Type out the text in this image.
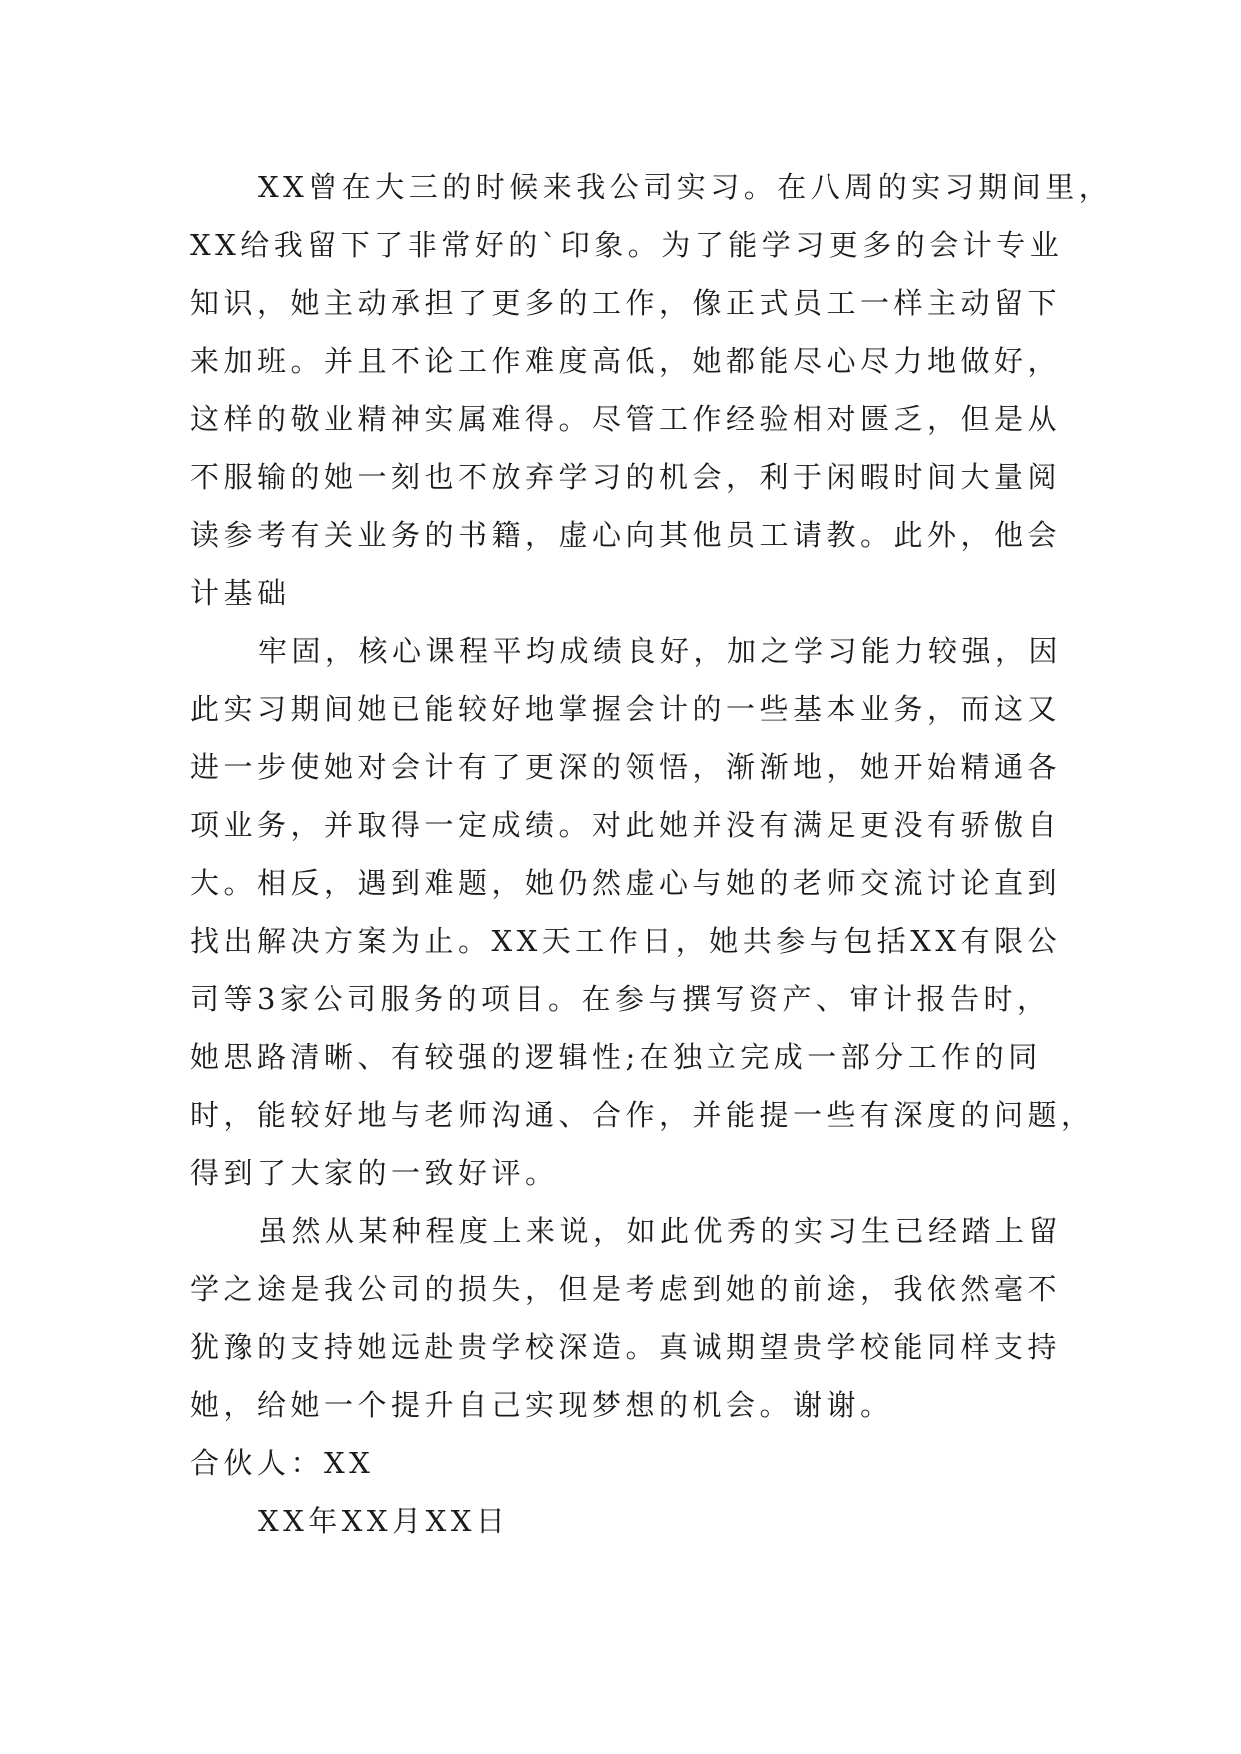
XX曾在大三的时候来我公司实习。在八周的实习期间里，
XX给我留下了非常好的`印象。为了能学习更多的会计专业
知识，她主动承担了更多的工作，像正式员工一样主动留下
来加班。并且不论工作难度高低，她都能尽心尽力地做好，
这样的敬业精神实属难得。尽管工作经验相对匮乏，但是从
不服输的她一刻也不放弃学习的机会，利于闲暇时间大量阅
读参考有关业务的书籍，虚心向其他员工请教。此外，他会
计基础
牢固，核心课程平均成绩良好，加之学习能力较强，因
此实习期间她已能较好地掌握会计的一些基本业务，而这又
进一步使她对会计有了更深的领悟，渐渐地，她开始精通各
项业务，并取得一定成绩。对此她并没有满足更没有骄傲自
大。相反，遇到难题，她仍然虚心与她的老师交流讨论直到
找出解决方案为止。XX天工作日，她共参与包括XX有限公
司等3家公司服务的项目。在参与撰写资产、审计报告时，
她思路清晰、有较强的逻辑性;在独立完成一部分工作的同
时，能较好地与老师沟通、合作，并能提一些有深度的问题，
得到了大家的一致好评。
虽然从某种程度上来说，如此优秀的实习生已经踏上留
学之途是我公司的损失，但是考虑到她的前途，我依然毫不
犹豫的支持她远赴贵学校深造。真诚期望贵学校能同样支持
她，给她一个提升自己实现梦想的机会。谢谢。
合伙人：XX
XX年XX月XX日
